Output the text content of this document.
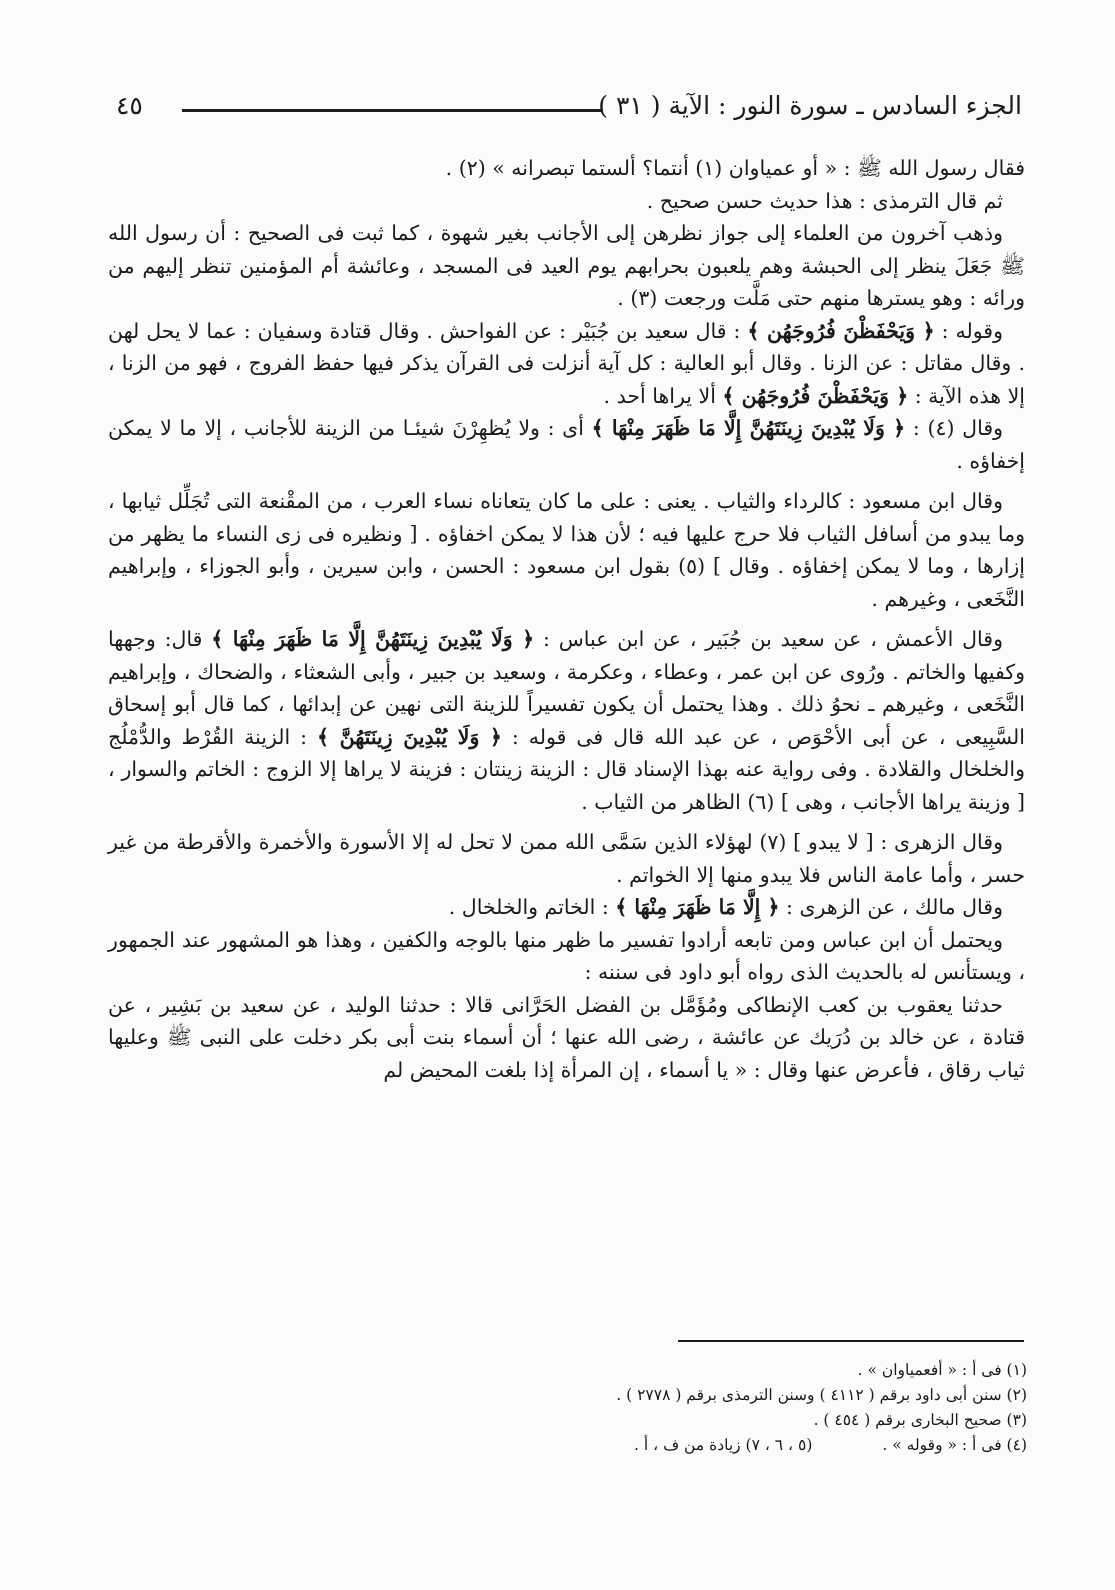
٤٥	الجزء السادس ـ سورة النور : الآية ( ٣١ )

فقال رسول الله ﷺ : « أو عمياوان (١) أنتما؟ ألستما تبصرانه » (٢) .

ثم قال الترمذى : هذا حديث حسن صحيح .

وذهب آخرون من العلماء إلى جواز نظرهن إلى الأجانب بغير شهوة ، كما ثبت فى الصحيح : أن رسول الله ﷺ جَعَلَ ينظر إلى الحبشة وهم يلعبون بحرابهم يوم العيد فى المسجد ، وعائشة أم المؤمنين تنظر إليهم من ورائه : وهو يسترها منهم حتى مَلَّت ورجعت (٣) .

وقوله : ﴿ وَيَحْفَظْنَ فُرُوجَهُن ﴾ : قال سعيد بن جُبَيْر : عن الفواحش . وقال قتادة وسفيان : عما لا يحل لهن . وقال مقاتل : عن الزنا . وقال أبو العالية : كل آية أنزلت فى القرآن يذكر فيها حفظ الفروج ، فهو من الزنا ، إلا هذه الآية : ﴿ وَيَحْفَظْنَ فُرُوجَهُن ﴾ ألا يراها أحد .

وقال (٤) : ﴿ وَلَا يُبْدِينَ زِينَتَهُنَّ إِلَّا مَا ظَهَرَ مِنْهَا ﴾ أى : ولا يُظهِرْنَ شيئـا من الزينة للأجانب ، إلا ما لا يمكن إخفاؤه .

وقال ابن مسعود : كالرداء والثياب . يعنى : على ما كان يتعاناه نساء العرب ، من المقْنعة التى تُجَلِّل ثيابها ، وما يبدو من أسافل الثياب فلا حرج عليها فيه ؛ لأن هذا لا يمكن اخفاؤه . [ ونظيره فى زى النساء ما يظهر من إزارها ، وما لا يمكن إخفاؤه . وقال ] (٥) بقول ابن مسعود : الحسن ، وابن سيرين ، وأبو الجوزاء ، وإبراهيم النَّخَعى ، وغيرهم .

وقال الأعمش ، عن سعيد بن جُبَير ، عن ابن عباس : ﴿ وَلَا يُبْدِينَ زِينَتَهُنَّ إِلَّا مَا ظَهَرَ مِنْهَا ﴾ قال: وجهها وكفيها والخاتم . ورُوى عن ابن عمر ، وعطاء ، وعكرمة ، وسعيد بن جبير ، وأبى الشعثاء ، والضحاك ، وإبراهيم النَّخَعى ، وغيرهم ـ نحوُ ذلك . وهذا يحتمل أن يكون تفسيراً للزينة التى نهين عن إبدائها ، كما قال أبو إسحاق السَّبِيعى ، عن أبى الأحْوَص ، عن عبد الله قال فى قوله : ﴿ وَلَا يُبْدِينَ زِينَتَهُنَّ ﴾ : الزينة القُرْط والدُّمْلُج والخلخال والقلادة . وفى رواية عنه بهذا الإسناد قال : الزينة زينتان : فزينة لا يراها إلا الزوج : الخاتم والسوار ، [ وزينة يراها الأجانب ، وهى ] (٦) الظاهر من الثياب .

وقال الزهرى : [ لا يبدو ] (٧) لهؤلاء الذين سَمَّى الله ممن لا تحل له إلا الأسورة والأخمرة والأقرطة من غير حسر ، وأما عامة الناس فلا يبدو منها إلا الخواتم .

وقال مالك ، عن الزهرى : ﴿ إِلَّا مَا ظَهَرَ مِنْهَا ﴾ : الخاتم والخلخال .

ويحتمل أن ابن عباس ومن تابعه أرادوا تفسير ما ظهر منها بالوجه والكفين ، وهذا هو المشهور عند الجمهور ، ويستأنس له بالحديث الذى رواه أبو داود فى سننه :

حدثنا يعقوب بن كعب الإنطاكى ومُؤَمَّل بن الفضل الحَرَّانى قالا : حدثنا الوليد ، عن سعيد بن بَشِير ، عن قتادة ، عن خالد بن دُرَيك عن عائشة ، رضى الله عنها ؛ أن أسماء بنت أبى بكر دخلت على النبى ﷺ وعليها ثياب رقاق ، فأعرض عنها وقال : « يا أسماء ، إن المرأة إذا بلغت المحيض لم

(١) فى أ : « أفعمياوان » .

(٢) سنن أبى داود برقم ( ٤١١٢ ) وسنن الترمذى برقم ( ٢٧٧٨ ) .

(٣) صحيح البخارى برقم ( ٤٥٤ ) .

(٤) فى أ : « وقوله » .(٥ ، ٦ ، ٧) زيادة من ف ، أ .
